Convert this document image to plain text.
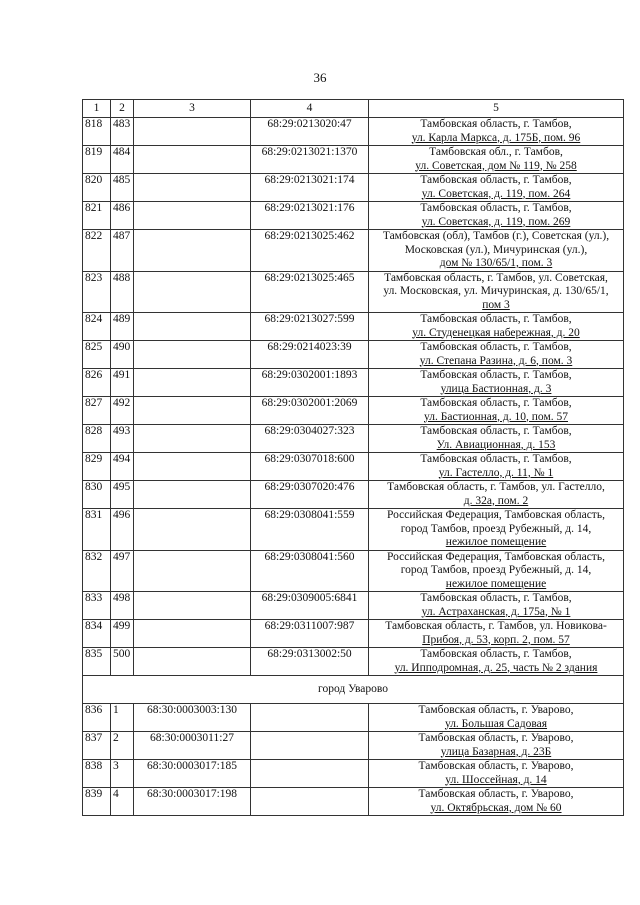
36
1	2	3	4	5
818	483		68:29:0213020:47	Тамбовская область, г. Тамбов,
ул. Карла Маркса, д. 175Б, пом. 96

819	484		68:29:0213021:1370	Тамбовская обл., г. Тамбов,
ул. Советская, дом № 119, № 258

820	485		68:29:0213021:174	Тамбовская область, г. Тамбов,
ул. Советская, д. 119, пом. 264

821	486		68:29:0213021:176	Тамбовская область, г. Тамбов,
ул. Советская, д. 119, пом. 269

822	487		68:29:0213025:462	Тамбовская (обл), Тамбов (г.), Советская (ул.),
Московская (ул.), Мичуринская (ул.),
дом № 130/65/1, пом. 3

823	488		68:29:0213025:465	Тамбовская область, г. Тамбов, ул. Советская,
ул. Московская, ул. Мичуринская, д. 130/65/1,
пом 3

824	489		68:29:0213027:599	Тамбовская область, г. Тамбов,
ул. Студенецкая набережная, д. 20

825	490		68:29:0214023:39	Тамбовская область, г. Тамбов,
ул. Степана Разина, д. 6, пом. 3

826	491		68:29:0302001:1893	Тамбовская область, г. Тамбов,
улица Бастионная, д. 3

827	492		68:29:0302001:2069	Тамбовская область, г. Тамбов,
ул. Бастионная, д. 10, пом. 57

828	493		68:29:0304027:323	Тамбовская область, г. Тамбов,
Ул. Авиационная, д. 153

829	494		68:29:0307018:600	Тамбовская область, г. Тамбов,
ул. Гастелло, д. 11, № 1

830	495		68:29:0307020:476	Тамбовская область, г. Тамбов, ул. Гастелло,
д. 32а, пом. 2

831	496		68:29:0308041:559	Российская Федерация, Тамбовская область,
город Тамбов, проезд Рубежный, д. 14,
нежилое помещение

832	497		68:29:0308041:560	Российская Федерация, Тамбовская область,
город Тамбов, проезд Рубежный, д. 14,
нежилое помещение

833	498		68:29:0309005:6841	Тамбовская область, г. Тамбов,
ул. Астраханская, д. 175а, № 1

834	499		68:29:0311007:987	Тамбовская область, г. Тамбов, ул. Новикова-
Прибоя, д. 53, корп. 2, пом. 57

835	500		68:29:0313002:50	Тамбовская область, г. Тамбов,
ул. Ипподромная, д. 25, часть № 2 здания

город Уварово				
836	1	68:30:0003003:130		Тамбовская область, г. Уварово,
ул. Большая Садовая

837	2	68:30:0003011:27		Тамбовская область, г. Уварово,
улица Базарная, д. 23Б

838	3	68:30:0003017:185		Тамбовская область, г. Уварово,
ул. Шоссейная, д. 14

839	4	68:30:0003017:198		Тамбовская область, г. Уварово,
ул. Октябрьская, дом № 60
